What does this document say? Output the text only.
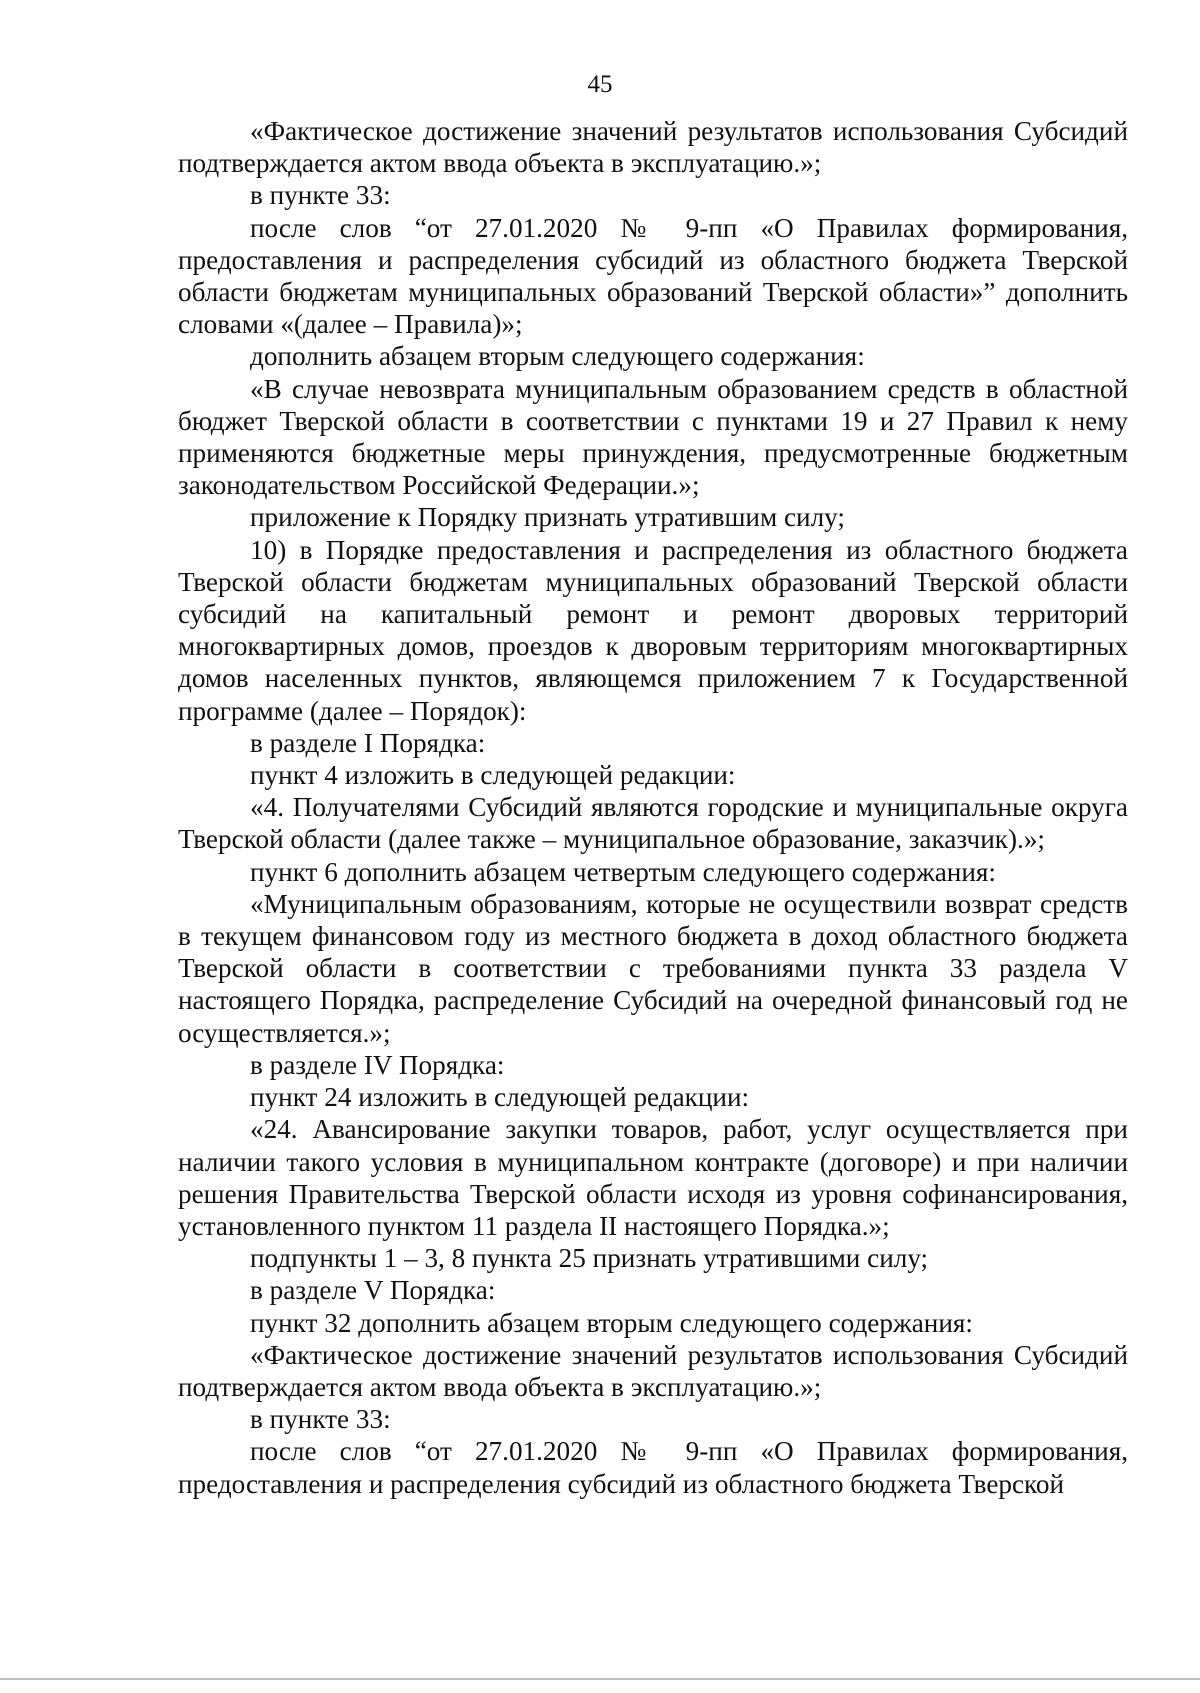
45

«Фактическое достижение значений результатов использования Субсидий подтверждается актом ввода объекта в эксплуатацию.»;

в пункте 33:

после слов “от 27.01.2020 № 9-пп «О Правилах формирования, предоставления и распределения субсидий из областного бюджета Тверской области бюджетам муниципальных образований Тверской области»” дополнить словами «(далее – Правила)»;

дополнить абзацем вторым следующего содержания:

«В случае невозврата муниципальным образованием средств в областной бюджет Тверской области в соответствии с пунктами 19 и 27 Правил к нему применяются бюджетные меры принуждения, предусмотренные бюджетным законодательством Российской Федерации.»;

приложение к Порядку признать утратившим силу;

10) в Порядке предоставления и распределения из областного бюджета Тверской области бюджетам муниципальных образований Тверской области субсидий на капитальный ремонт и ремонт дворовых территорий многоквартирных домов, проездов к дворовым территориям многоквартирных домов населенных пунктов, являющемся приложением 7 к Государственной программе (далее – Порядок):

в разделе I Порядка:

пункт 4 изложить в следующей редакции:

«4. Получателями Субсидий являются городские и муниципальные округа Тверской области (далее также – муниципальное образование, заказчик).»;

пункт 6 дополнить абзацем четвертым следующего содержания:

«Муниципальным образованиям, которые не осуществили возврат средств в текущем финансовом году из местного бюджета в доход областного бюджета Тверской области в соответствии с требованиями пункта 33 раздела V настоящего Порядка, распределение Субсидий на очередной финансовый год не осуществляется.»;

в разделе IV Порядка:

пункт 24 изложить в следующей редакции:

«24. Авансирование закупки товаров, работ, услуг осуществляется при наличии такого условия в муниципальном контракте (договоре) и при наличии решения Правительства Тверской области исходя из уровня софинансирования, установленного пунктом 11 раздела II настоящего Порядка.»;

подпункты 1 – 3, 8 пункта 25 признать утратившими силу;

в разделе V Порядка:

пункт 32 дополнить абзацем вторым следующего содержания:

«Фактическое достижение значений результатов использования Субсидий подтверждается актом ввода объекта в эксплуатацию.»;

в пункте 33:

после слов “от 27.01.2020 № 9-пп «О Правилах формирования, предоставления и распределения субсидий из областного бюджета Тверской
